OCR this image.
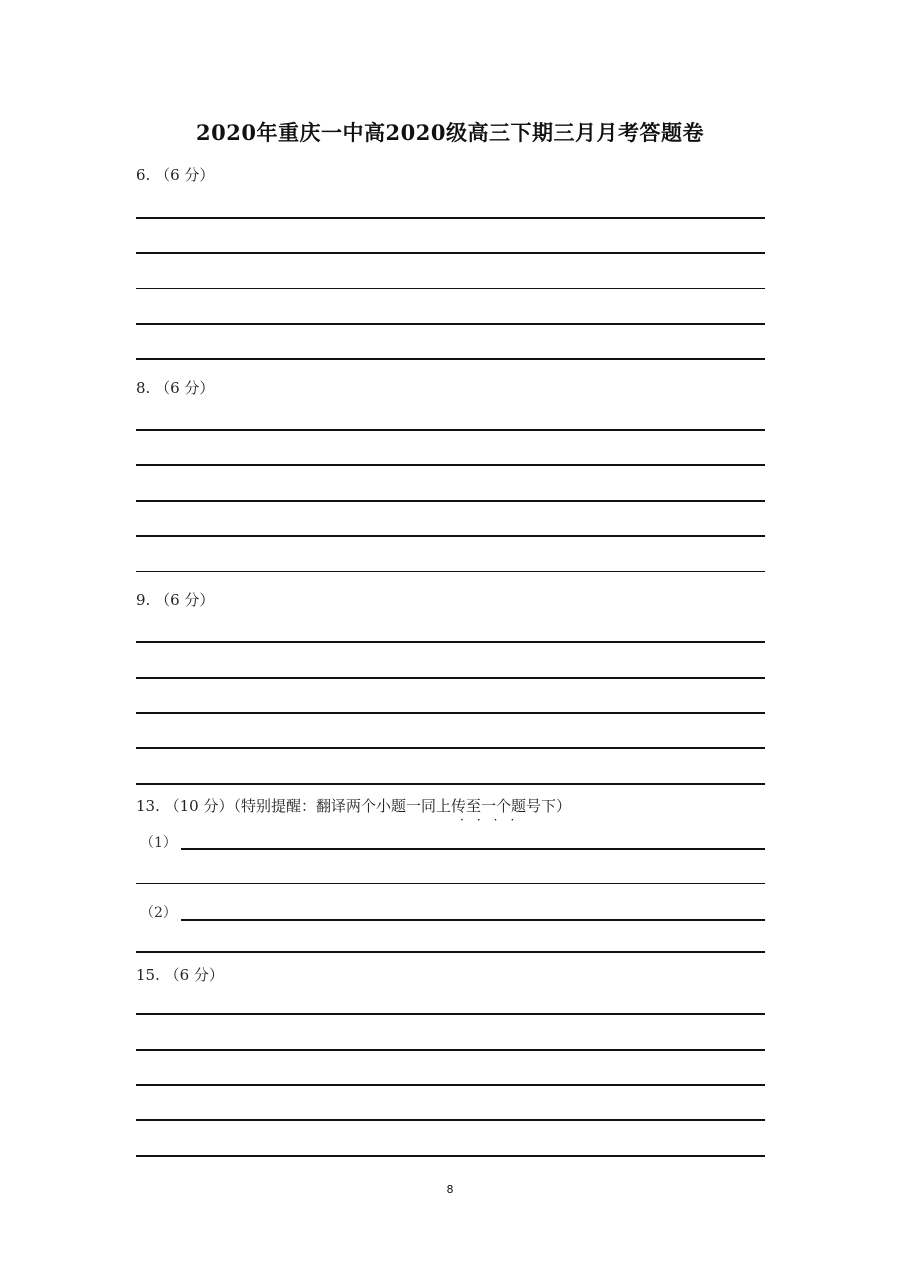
2020年重庆一中高2020级高三下期三月月考答题卷
6. （6 分）
8. （6 分）
9. （6 分）
13. （10 分）（特别提醒：翻译两个小题一同上传至一个题号下）
····
（1）
（2）
15. （6 分）
8
